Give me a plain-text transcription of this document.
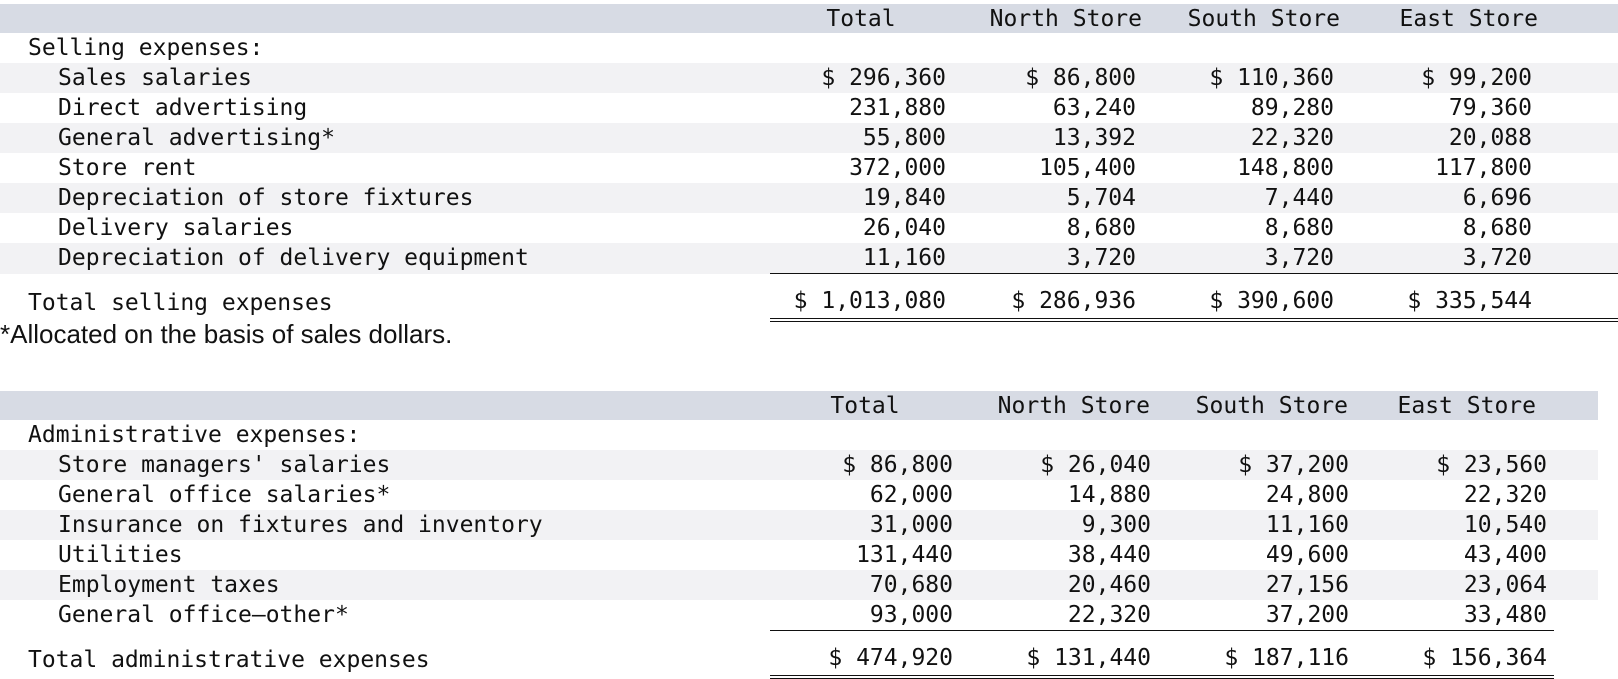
	Total	North Store	South Store	East Store	
Selling expenses:					
Sales salaries	$ 296,360	$ 86,800	$ 110,360	$ 99,200	
Direct advertising	231,880	63,240	89,280	79,360	
General advertising*	55,800	13,392	22,320	20,088	
Store rent	372,000	105,400	148,800	117,800	
Depreciation of store fixtures	19,840	5,704	7,440	6,696	
Delivery salaries	26,040	8,680	8,680	8,680	
Depreciation of delivery equipment	11,160	3,720	3,720	3,720	
Total selling expenses	$ 1,013,080	$ 286,936	$ 390,600	$ 335,544	
*Allocated on the basis of sales dollars.
	Total	North Store	South Store	East Store	
Administrative expenses:					
Store managers' salaries	$ 86,800	$ 26,040	$ 37,200	$ 23,560	
General office salaries*	62,000	14,880	24,800	22,320	
Insurance on fixtures and inventory	31,000	9,300	11,160	10,540	
Utilities	131,440	38,440	49,600	43,400	
Employment taxes	70,680	20,460	27,156	23,064	
General office—other*	93,000	22,320	37,200	33,480	
Total administrative expenses	$ 474,920	$ 131,440	$ 187,116	$ 156,364	
